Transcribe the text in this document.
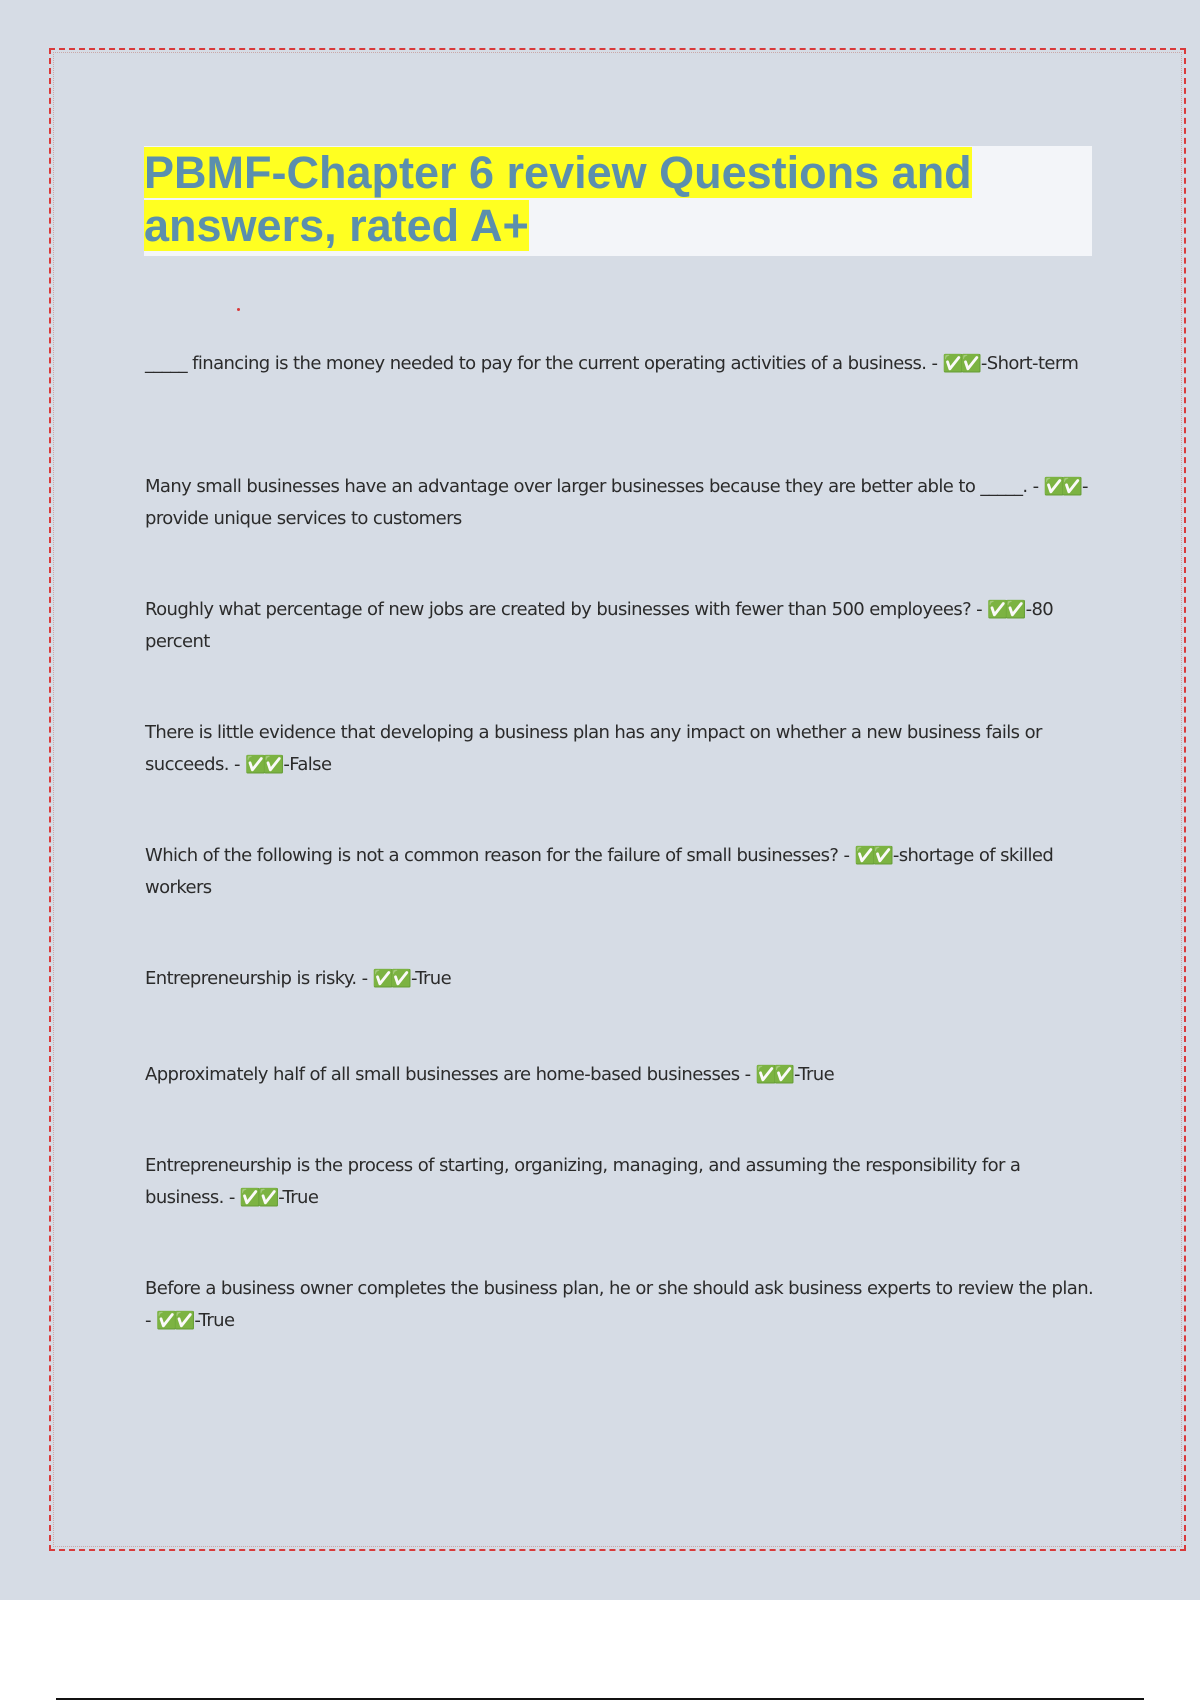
PBMF-Chapter 6 review Questions and
answers, rated A+
_____ financing is the money needed to pay for the current operating activities of a business. - ✅✅ -Short-term
Many small businesses have an advantage over larger businesses because they are better able to _____. - ✅✅ -provide unique services to customers
Roughly what percentage of new jobs are created by businesses with fewer than 500 employees? - ✅✅ -80 percent
There is little evidence that developing a business plan has any impact on whether a new business fails or succeeds. - ✅✅ -False
Which of the following is not a common reason for the failure of small businesses? - ✅✅ -shortage of skilled workers
Entrepreneurship is risky. - ✅✅ -True
Approximately half of all small businesses are home-based businesses - ✅✅ -True
Entrepreneurship is the process of starting, organizing, managing, and assuming the responsibility for a business. - ✅✅ -True
Before a business owner completes the business plan, he or she should ask business experts to review the plan. - ✅✅ -True
